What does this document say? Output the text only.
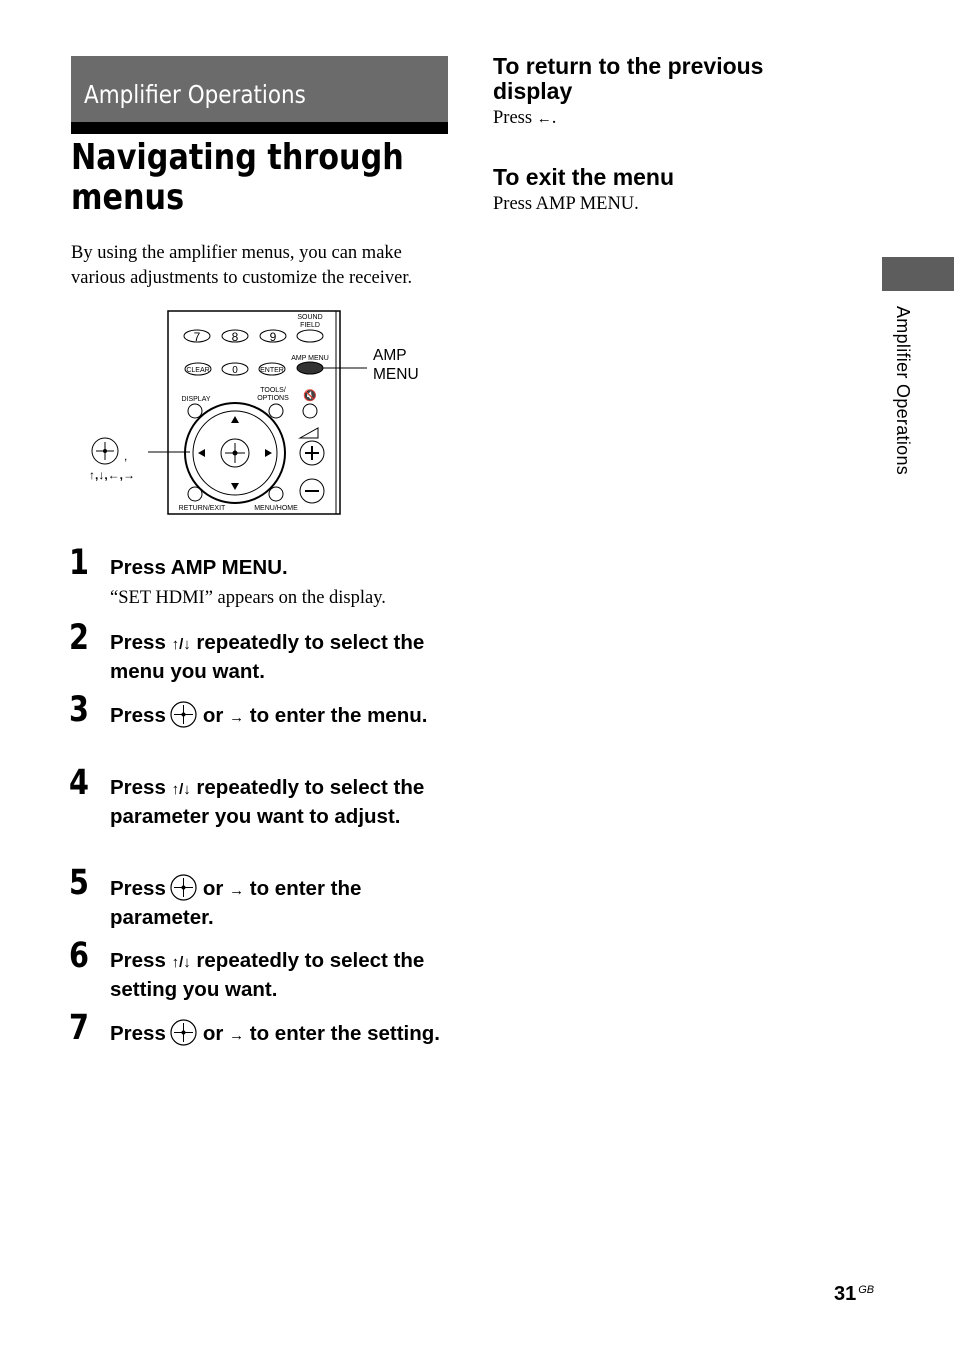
Amplifier Operations
Navigating through
menus
By using the amplifier menus, you can make various adjustments to customize the receiver.
SOUND FIELD
7	8	9
CLEAR 0	ENTER
AMP MENU
DISPLAY
TOOLS/ OPTIONS 🔇
RETURN/EXIT	MENU/HOME
,
↑,↓,←,→
AMP
MENU
1 Press AMP MENU.
“SET HDMI” appears on the display.
2 Press ↑/↓ repeatedly to select the menu you want.
3 Press or → to enter the menu.
4 Press ↑/↓ repeatedly to select the parameter you want to adjust.
5 Press or → to enter the parameter.
6 Press ↑/↓ repeatedly to select the setting you want.
7 Press or → to enter the setting.
To return to the previous display
Press ←.
To exit the menu
Press AMP MENU.
Amplifier Operations
31 $^{GB}$
